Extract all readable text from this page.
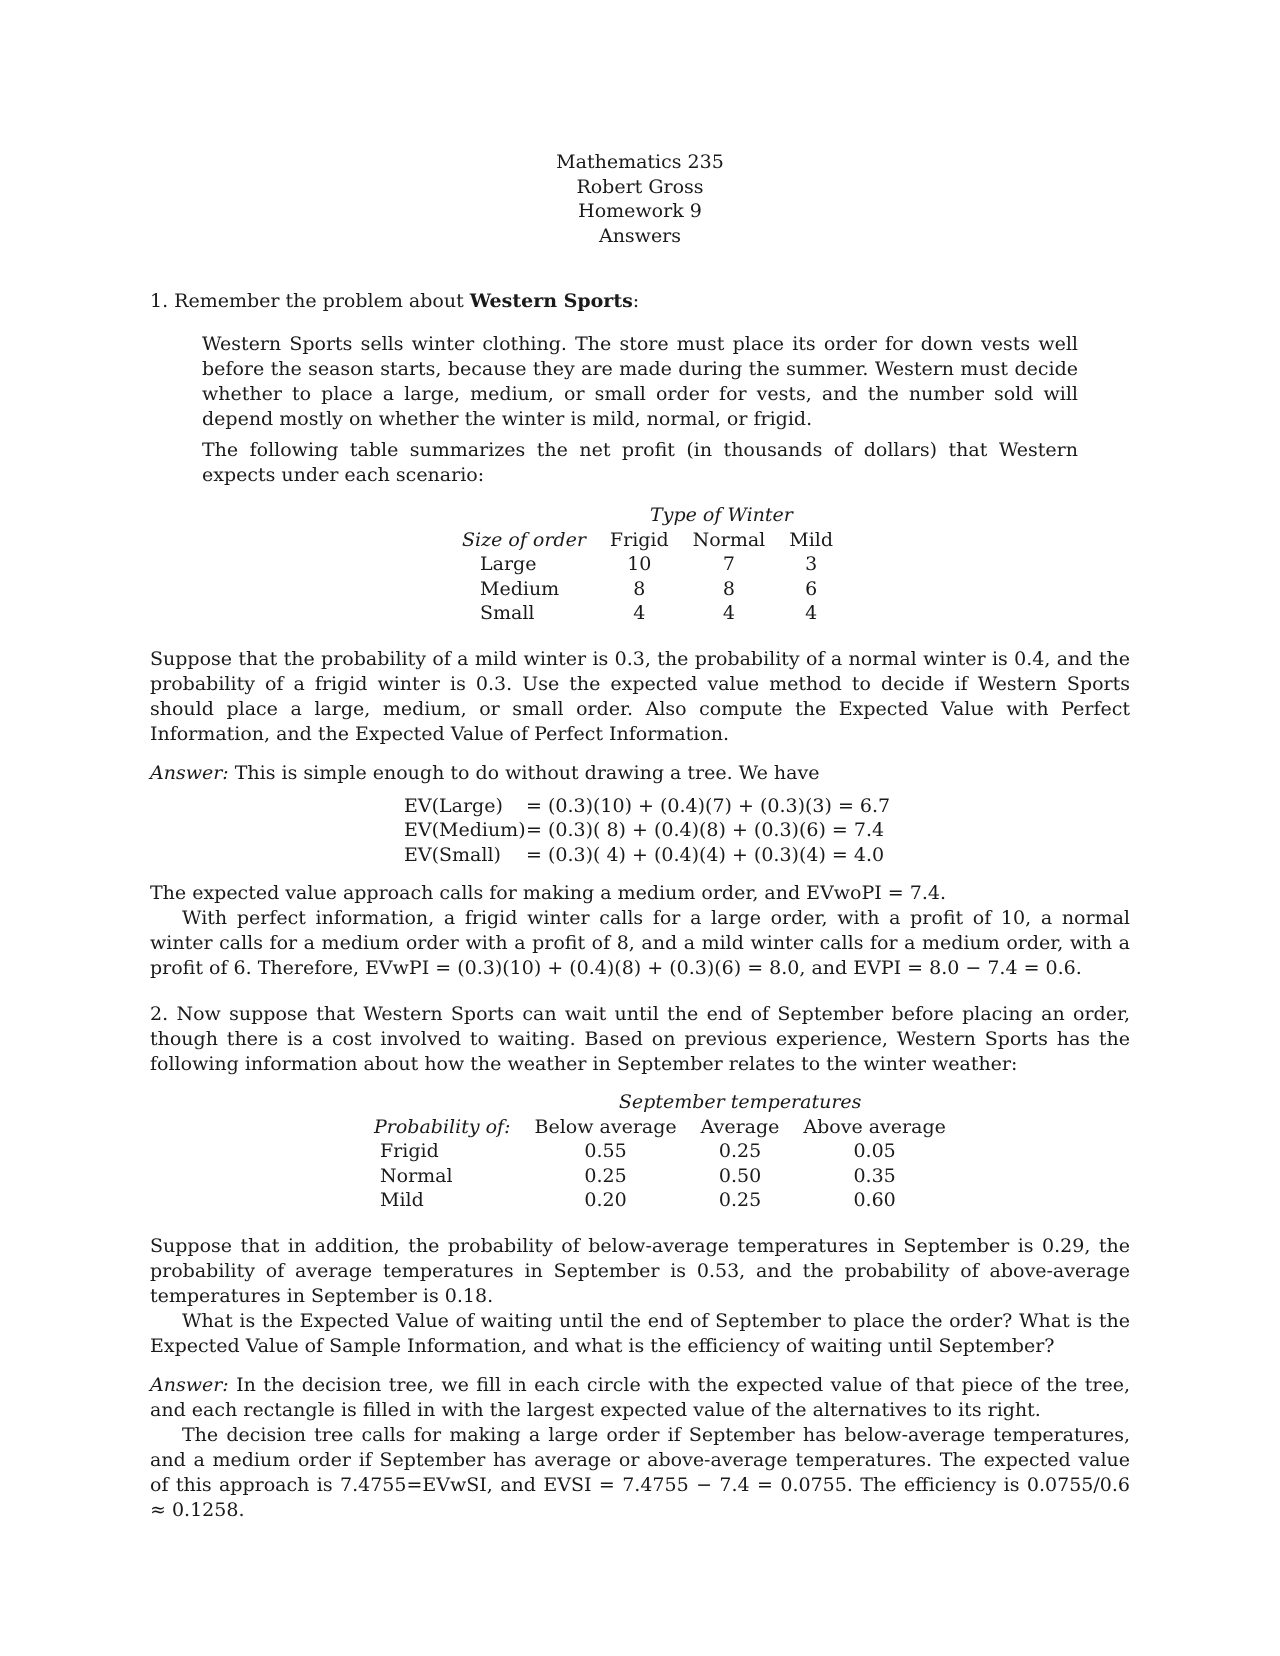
Mathematics 235
Robert Gross
Homework 9
Answers

1. Remember the problem about Western Sports:

Western Sports sells winter clothing. The store must place its order for down vests well before the season starts, because they are made during the summer. Western must decide whether to place a large, medium, or small order for vests, and the number sold will depend mostly on whether the winter is mild, normal, or frigid.

The following table summarizes the net profit (in thousands of dollars) that Western expects under each scenario:

	Type of Winter		
Size of order	Frigid	Normal	Mild
Large	10	7	3
Medium	8	8	6
Small	4	4	4

Suppose that the probability of a mild winter is 0.3, the probability of a normal winter is 0.4, and the probability of a frigid winter is 0.3. Use the expected value method to decide if Western Sports should place a large, medium, or small order. Also compute the Expected Value with Perfect Information, and the Expected Value of Perfect Information.

Answer: This is simple enough to do without drawing a tree. We have

EV(Large)	= (0.3)(10) + (0.4)(7) + (0.3)(3) = 6.7
EV(Medium) = (0.3)( 8) + (0.4)(8) + (0.3)(6) = 7.4
EV(Small)	= (0.3)( 4) + (0.4)(4) + (0.3)(4) = 4.0

The expected value approach calls for making a medium order, and EVwoPI = 7.4.

With perfect information, a frigid winter calls for a large order, with a profit of 10, a normal winter calls for a medium order with a profit of 8, and a mild winter calls for a medium order, with a profit of 6. Therefore, EVwPI = (0.3)(10) + (0.4)(8) + (0.3)(6) = 8.0, and EVPI = 8.0 − 7.4 = 0.6.

2. Now suppose that Western Sports can wait until the end of September before placing an order, though there is a cost involved to waiting. Based on previous experience, Western Sports has the following information about how the weather in September relates to the winter weather:

	September temperatures		
Probability of:	Below average	Average	Above average
Frigid	0.55	0.25	0.05
Normal	0.25	0.50	0.35
Mild	0.20	0.25	0.60

Suppose that in addition, the probability of below-average temperatures in September is 0.29, the probability of average temperatures in September is 0.53, and the probability of above-average temperatures in September is 0.18.

What is the Expected Value of waiting until the end of September to place the order? What is the Expected Value of Sample Information, and what is the efficiency of waiting until September?

Answer: In the decision tree, we fill in each circle with the expected value of that piece of the tree, and each rectangle is filled in with the largest expected value of the alternatives to its right.

The decision tree calls for making a large order if September has below-average temperatures, and a medium order if September has average or above-average temperatures. The expected value of this approach is 7.4755=EVwSI, and EVSI = 7.4755 − 7.4 = 0.0755. The efficiency is 0.0755/0.6 ≈ 0.1258.
